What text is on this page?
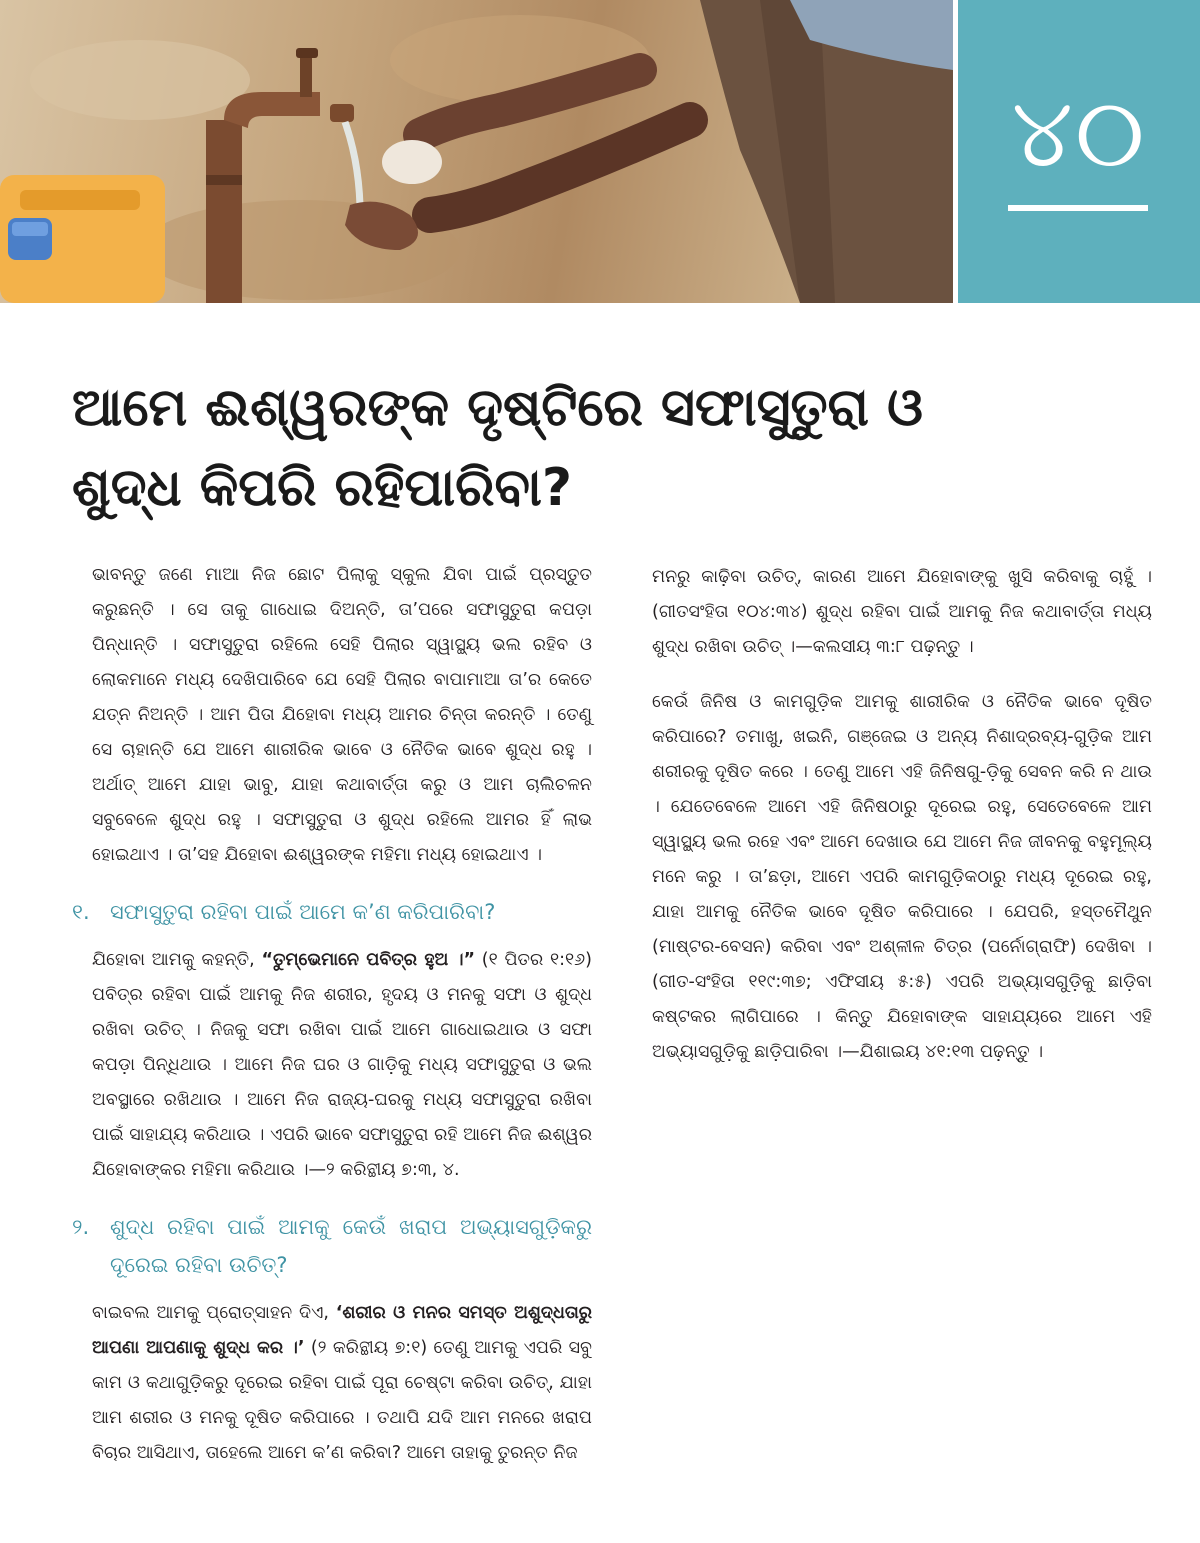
୪୦
ଆମେ ଈଶ୍ୱରଙ୍କ ଦୃଷ୍ଟିରେ ସଫାସୁତୁରା ଓ ଶୁଦ୍ଧ କିପରି ରହିପାରିବା?

ଭାବନ୍ତୁ ଜଣେ ମାଆ ନିଜ ଛୋଟ ପିଲାକୁ ସ୍କୁଲ ଯିବା ପାଇଁ ପ୍ରସ୍ତୁତ କରୁଛନ୍ତି । ସେ ତାକୁ ଗାଧୋଇ ଦିଅନ୍ତି, ତା’ପରେ ସଫାସୁତୁରା କପଡ଼ା ପିନ୍ଧାନ୍ତି । ସଫାସୁତୁରା ରହିଲେ ସେହି ପିଲାର ସ୍ୱାସ୍ଥ୍ୟ ଭଲ ରହିବ ଓ ଲୋକମାନେ ମଧ୍ୟ ଦେଖିପାରିବେ ଯେ ସେହି ପିଲାର ବାପାମାଆ ତା’ର କେତେ ଯତ୍ନ ନିଅନ୍ତି । ଆମ ପିତା ଯିହୋବା ମଧ୍ୟ ଆମର ଚିନ୍ତା କରନ୍ତି । ତେଣୁ ସେ ଚାହାନ୍ତି ଯେ ଆମେ ଶାରୀରିକ ଭାବେ ଓ ନୈତିକ ଭାବେ ଶୁଦ୍ଧ ରହୁ । ଅର୍ଥାତ୍‌ ଆମେ ଯାହା ଭାବୁ, ଯାହା କଥାବାର୍ତ୍ତା କରୁ ଓ ଆମ ଚାଲିଚଳନ ସବୁବେଳେ ଶୁଦ୍ଧ ରହୁ । ସଫାସୁତୁରା ଓ ଶୁଦ୍ଧ ରହିଲେ ଆମର ହିଁ ଲାଭ ହୋଇଥାଏ । ତା’ସହ ଯିହୋବା ଈଶ୍ୱରଙ୍କ ମହିମା ମଧ୍ୟ ହୋଇଥାଏ ।

୧. ସଫାସୁତୁରା ରହିବା ପାଇଁ ଆମେ କ’ଣ କରିପାରିବା?

ଯିହୋବା ଆମକୁ କହନ୍ତି, “ତୁମ୍ଭେମାନେ ପବିତ୍ର ହୁଅ ।” (୧ ପିତର ୧:୧୬) ପବିତ୍ର ରହିବା ପାଇଁ ଆମକୁ ନିଜ ଶରୀର, ହୃଦୟ ଓ ମନକୁ ସଫା ଓ ଶୁଦ୍ଧ ରଖିବା ଉଚିତ୍‌ । ନିଜକୁ ସଫା ରଖିବା ପାଇଁ ଆମେ ଗାଧୋଇଥାଉ ଓ ସଫା କପଡ଼ା ପିନ୍ଧିଥାଉ । ଆମେ ନିଜ ଘର ଓ ଗାଡ଼ିକୁ ମଧ୍ୟ ସଫାସୁତୁରା ଓ ଭଲ ଅବସ୍ଥାରେ ରଖିଥାଉ । ଆମେ ନିଜ ରାଜ୍ୟ-ଘରକୁ ମଧ୍ୟ ସଫାସୁତୁରା ରଖିବା ପାଇଁ ସାହାଯ୍ୟ କରିଥାଉ । ଏପରି ଭାବେ ସଫାସୁତୁରା ରହି ଆମେ ନିଜ ଈଶ୍ୱର ଯିହୋବାଙ୍କର ମହିମା କରିଥାଉ ।—୨ କରିନ୍ଥୀୟ ୭:୩, ୪.

୨. ଶୁଦ୍ଧ ରହିବା ପାଇଁ ଆମକୁ କେଉଁ ଖରାପ ଅଭ୍ୟାସଗୁଡ଼ିକରୁ ଦୂରେଇ ରହିବା ଉଚିତ୍‌?

ବାଇବଲ ଆମକୁ ପ୍ରୋତ୍ସାହନ ଦିଏ, ‘ଶରୀର ଓ ମନର ସମସ୍ତ ଅଶୁଦ୍ଧତାରୁ ଆପଣା ଆପଣାକୁ ଶୁଦ୍ଧ କର ।’ (୨ କରିନ୍ଥୀୟ ୭:୧) ତେଣୁ ଆମକୁ ଏପରି ସବୁ କାମ ଓ କଥାଗୁଡ଼ିକରୁ ଦୂରେଇ ରହିବା ପାଇଁ ପୂରା ଚେଷ୍ଟା କରିବା ଉଚିତ୍‌, ଯାହା ଆମ ଶରୀର ଓ ମନକୁ ଦୂଷିତ କରିପାରେ । ତଥାପି ଯଦି ଆମ ମନରେ ଖରାପ ବିଚାର ଆସିଥାଏ, ତାହେଲେ ଆମେ କ’ଣ କରିବା? ଆମେ ତାହାକୁ ତୁରନ୍ତ ନିଜ

ମନରୁ କାଢ଼ିବା ଉଚିତ୍‌, କାରଣ ଆମେ ଯିହୋବାଙ୍କୁ ଖୁସି କରିବାକୁ ଚାହୁଁ । (ଗୀତସଂହିତା ୧୦୪:୩୪) ଶୁଦ୍ଧ ରହିବା ପାଇଁ ଆମକୁ ନିଜ କଥାବାର୍ତ୍ତା ମଧ୍ୟ ଶୁଦ୍ଧ ରଖିବା ଉଚିତ୍‌ ।—କଲସୀୟ ୩:୮ ପଢ଼ନ୍ତୁ ।

କେଉଁ ଜିନିଷ ଓ କାମଗୁଡ଼ିକ ଆମକୁ ଶାରୀରିକ ଓ ନୈତିକ ଭାବେ ଦୂଷିତ କରିପାରେ? ତମାଖୁ, ଖଇନି, ଗଞ୍ଜେଇ ଓ ଅନ୍ୟ ନିଶାଦ୍ରବ୍ୟ-ଗୁଡ଼ିକ ଆମ ଶରୀରକୁ ଦୂଷିତ କରେ । ତେଣୁ ଆମେ ଏହି ଜିନିଷଗୁ-ଡ଼ିକୁ ସେବନ କରି ନ ଥାଉ । ଯେତେବେଳେ ଆମେ ଏହି ଜିନିଷଠାରୁ ଦୂରେଇ ରହୁ, ସେତେବେଳେ ଆମ ସ୍ୱାସ୍ଥ୍ୟ ଭଲ ରହେ ଏବଂ ଆମେ ଦେଖାଉ ଯେ ଆମେ ନିଜ ଜୀବନକୁ ବହୁମୂଲ୍ୟ ମନେ କରୁ । ତା’ଛଡ଼ା, ଆମେ ଏପରି କାମଗୁଡ଼ିକଠାରୁ ମଧ୍ୟ ଦୂରେଇ ରହୁ, ଯାହା ଆମକୁ ନୈତିକ ଭାବେ ଦୂଷିତ କରିପାରେ । ଯେପରି, ହସ୍ତମୈଥୁନ (ମାଷ୍ଟର-ବେସନ) କରିବା ଏବଂ ଅଶ୍ଳୀଳ ଚିତ୍ର (ପର୍ନୋଗ୍ରାଫି) ଦେଖିବା । (ଗୀତ-ସଂହିତା ୧୧୯:୩୭; ଏଫିସୀୟ ୫:୫) ଏପରି ଅଭ୍ୟାସଗୁଡ଼ିକୁ ଛାଡ଼ିବା କଷ୍ଟକର ଲାଗିପାରେ । କିନ୍ତୁ ଯିହୋବାଙ୍କ ସାହାଯ୍ୟରେ ଆମେ ଏହି ଅଭ୍ୟାସଗୁଡ଼ିକୁ ଛାଡ଼ିପାରିବା ।—ଯିଶାଇୟ ୪୧:୧୩ ପଢ଼ନ୍ତୁ ।
